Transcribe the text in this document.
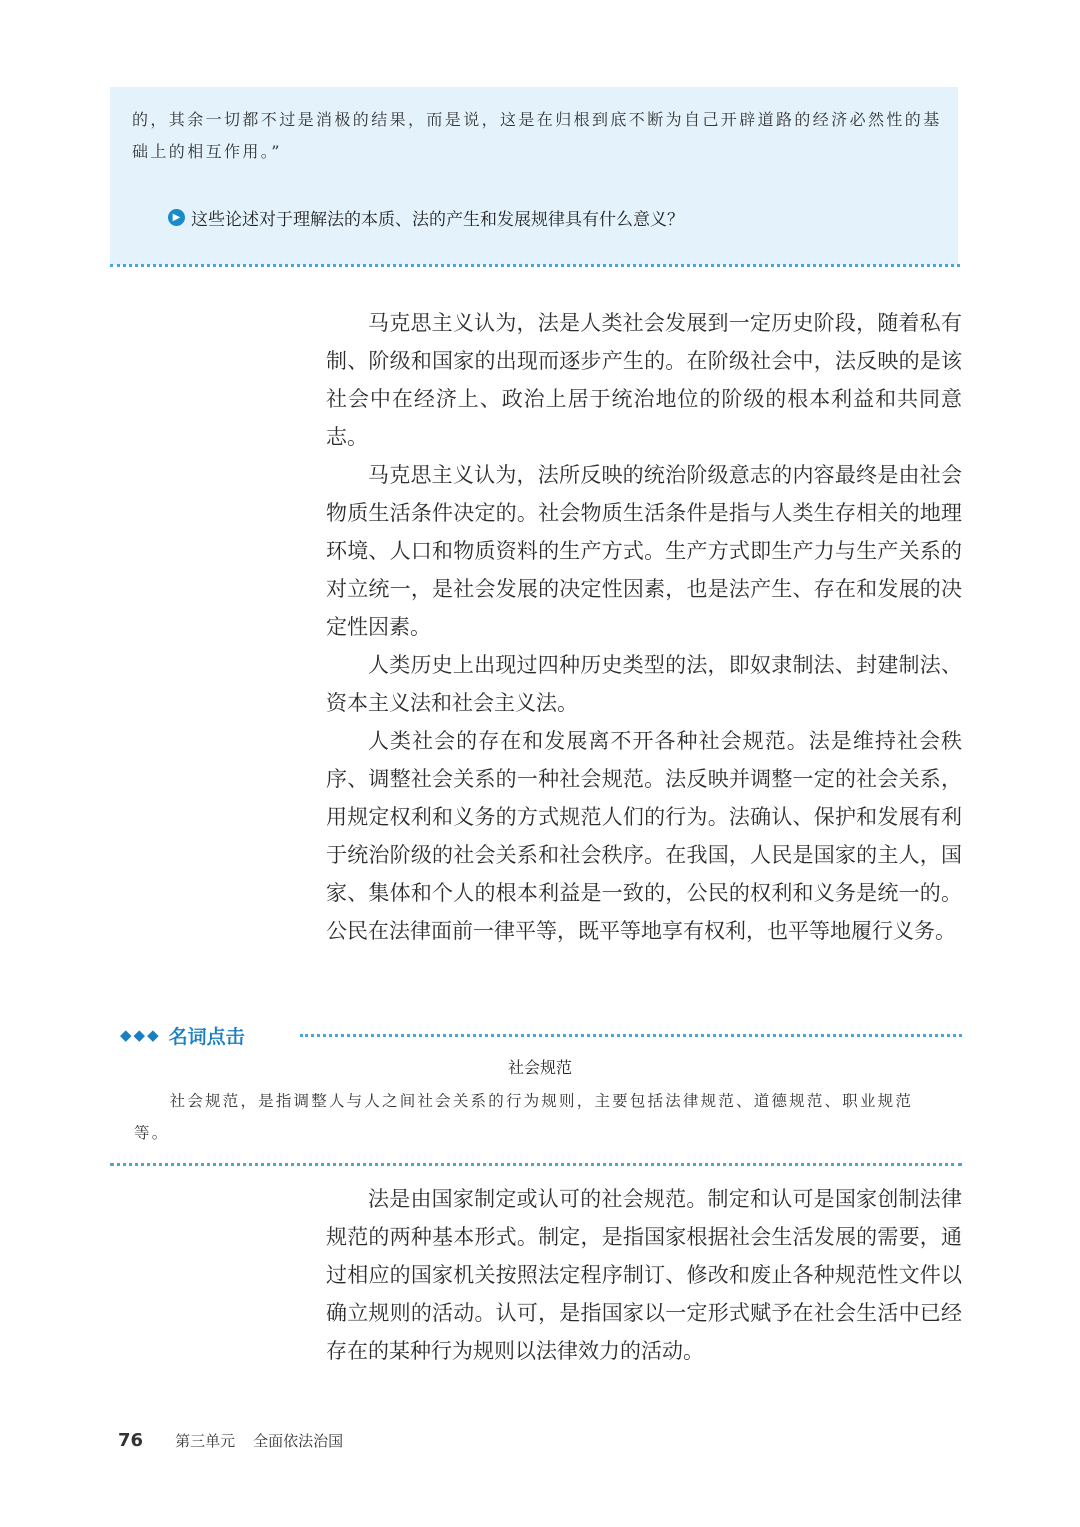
的，其余一切都不过是消极的结果，而是说，这是在归根到底不断为自己开辟道路的经济必然性的基础上的相互作用。”
▶ 这些论述对于理解法的本质、法的产生和发展规律具有什么意义？

马克思主义认为，法是人类社会发展到一定历史阶段，随着私有制、阶级和国家的出现而逐步产生的。在阶级社会中，法反映的是该社会中在经济上、政治上居于统治地位的阶级的根本利益和共同意志。

马克思主义认为，法所反映的统治阶级意志的内容最终是由社会物质生活条件决定的。社会物质生活条件是指与人类生存相关的地理环境、人口和物质资料的生产方式。生产方式即生产力与生产关系的对立统一，是社会发展的决定性因素，也是法产生、存在和发展的决定性因素。

人类历史上出现过四种历史类型的法，即奴隶制法、封建制法、资本主义法和社会主义法。

人类社会的存在和发展离不开各种社会规范。法是维持社会秩序、调整社会关系的一种社会规范。法反映并调整一定的社会关系，用规定权利和义务的方式规范人们的行为。法确认、保护和发展有利于统治阶级的社会关系和社会秩序。在我国，人民是国家的主人，国家、集体和个人的根本利益是一致的，公民的权利和义务是统一的。公民在法律面前一律平等，既平等地享有权利，也平等地履行义务。

◆◆◆ 名词点击
社会规范
社会规范，是指调整人与人之间社会关系的行为规则，主要包括法律规范、道德规范、职业规范等。

法是由国家制定或认可的社会规范。制定和认可是国家创制法律规范的两种基本形式。制定，是指国家根据社会生活发展的需要，通过相应的国家机关按照法定程序制订、修改和废止各种规范性文件以确立规则的活动。认可，是指国家以一定形式赋予在社会生活中已经存在的某种行为规则以法律效力的活动。

76 第三单元 全面依法治国
